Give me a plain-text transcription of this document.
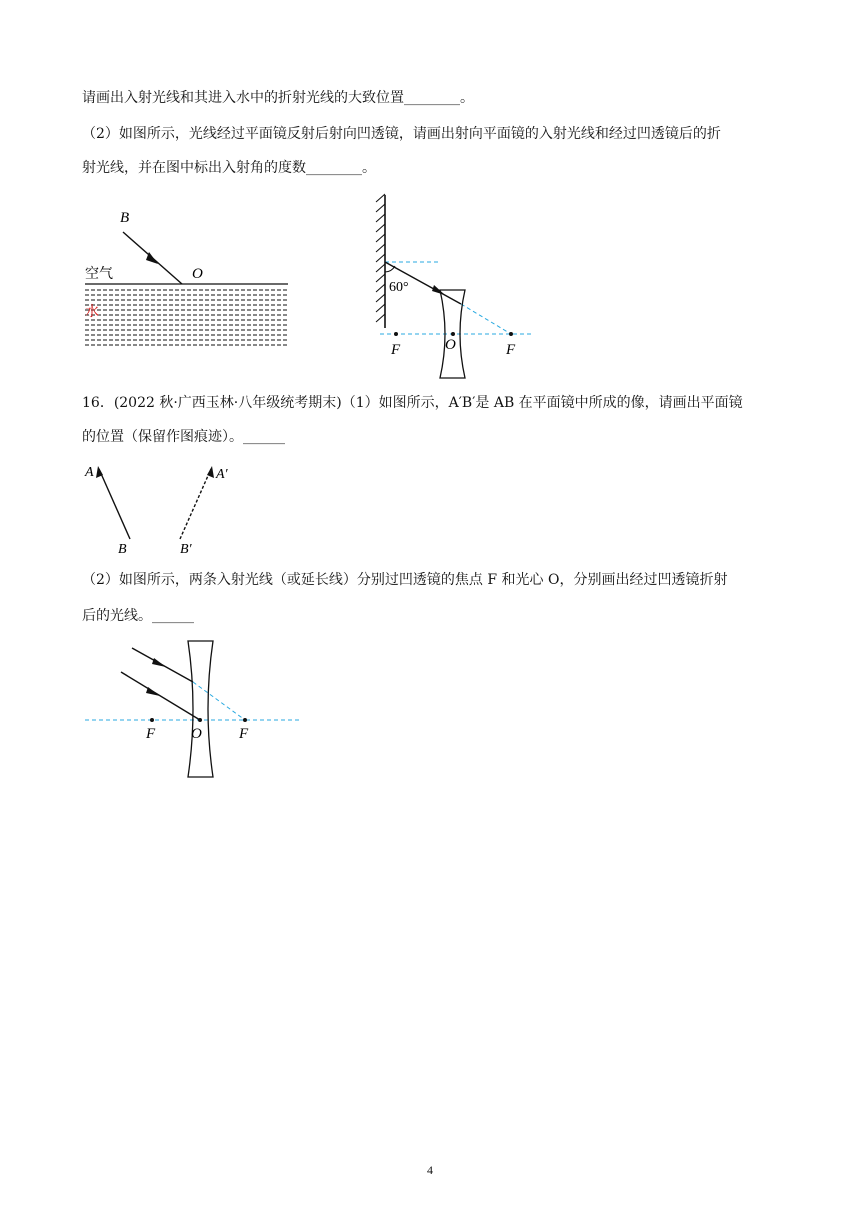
请画出入射光线和其进入水中的折射光线的大致位置________。
（2）如图所示，光线经过平面镜反射后射向凹透镜，请画出射向平面镜的入射光线和经过凹透镜后的折
射光线，并在图中标出入射角的度数________。
B
O
空气
水
60°
F	O	F
16．(2022 秋·广西玉林·八年级统考期末)（1）如图所示，A′B′是 AB 在平面镜中所成的像，请画出平面镜
的位置（保留作图痕迹）。______
A
B
A′
B′
（2）如图所示，两条入射光线（或延长线）分别过凹透镜的焦点 F 和光心 O，分别画出经过凹透镜折射
后的光线。______
F O F
4
